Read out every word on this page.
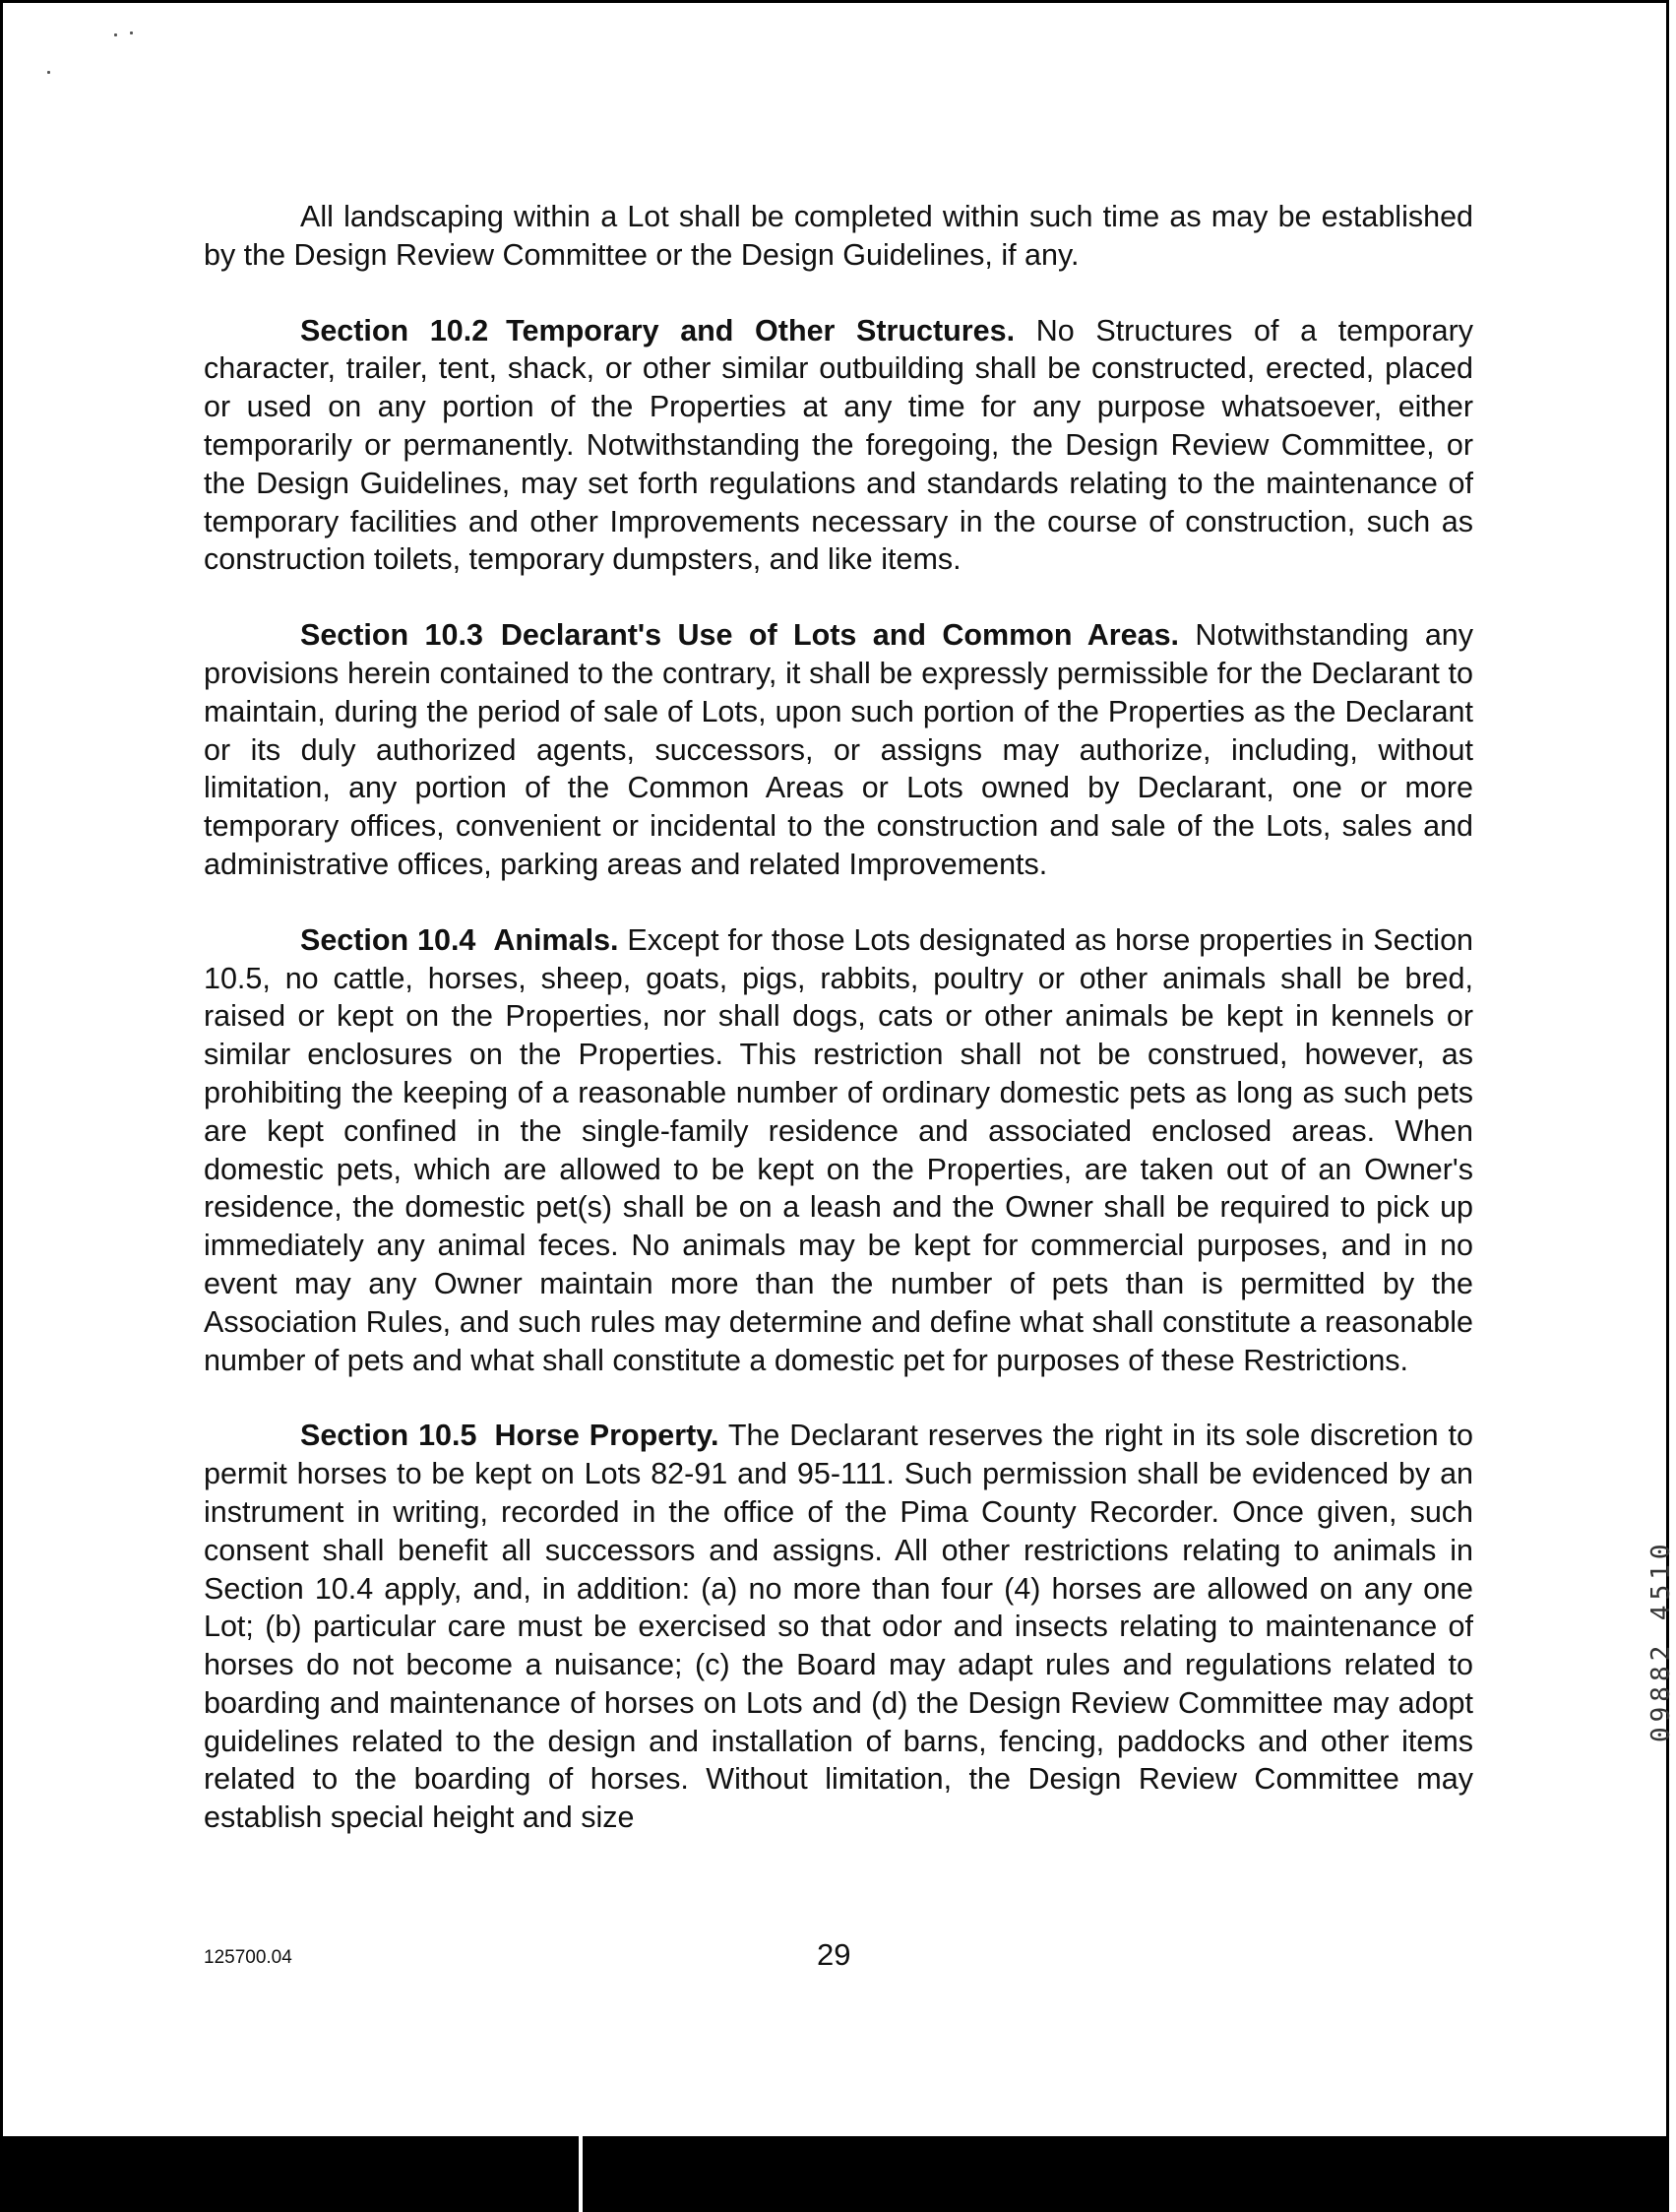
All landscaping within a Lot shall be completed within such time as may be established by the Design Review Committee or the Design Guidelines, if any.

Section 10.2 Temporary and Other Structures. No Structures of a temporary character, trailer, tent, shack, or other similar outbuilding shall be constructed, erected, placed or used on any portion of the Properties at any time for any purpose whatsoever, either temporarily or permanently. Notwithstanding the foregoing, the Design Review Committee, or the Design Guidelines, may set forth regulations and standards relating to the maintenance of temporary facilities and other Improvements necessary in the course of construction, such as construction toilets, temporary dumpsters, and like items.

Section 10.3 Declarant's Use of Lots and Common Areas. Notwithstanding any provisions herein contained to the contrary, it shall be expressly permissible for the Declarant to maintain, during the period of sale of Lots, upon such portion of the Properties as the Declarant or its duly authorized agents, successors, or assigns may authorize, including, without limitation, any portion of the Common Areas or Lots owned by Declarant, one or more temporary offices, convenient or incidental to the construction and sale of the Lots, sales and administrative offices, parking areas and related Improvements.

Section 10.4 Animals. Except for those Lots designated as horse properties in Section 10.5, no cattle, horses, sheep, goats, pigs, rabbits, poultry or other animals shall be bred, raised or kept on the Properties, nor shall dogs, cats or other animals be kept in kennels or similar enclosures on the Properties. This restriction shall not be construed, however, as prohibiting the keeping of a reasonable number of ordinary domestic pets as long as such pets are kept confined in the single-family residence and associated enclosed areas. When domestic pets, which are allowed to be kept on the Properties, are taken out of an Owner's residence, the domestic pet(s) shall be on a leash and the Owner shall be required to pick up immediately any animal feces. No animals may be kept for commercial purposes, and in no event may any Owner maintain more than the number of pets than is permitted by the Association Rules, and such rules may determine and define what shall constitute a reasonable number of pets and what shall constitute a domestic pet for purposes of these Restrictions.

Section 10.5 Horse Property. The Declarant reserves the right in its sole discretion to permit horses to be kept on Lots 82-91 and 95-111. Such permission shall be evidenced by an instrument in writing, recorded in the office of the Pima County Recorder. Once given, such consent shall benefit all successors and assigns. All other restrictions relating to animals in Section 10.4 apply, and, in addition: (a) no more than four (4) horses are allowed on any one Lot; (b) particular care must be exercised so that odor and insects relating to maintenance of horses do not become a nuisance; (c) the Board may adapt rules and regulations related to boarding and maintenance of horses on Lots and (d) the Design Review Committee may adopt guidelines related to the design and installation of barns, fencing, paddocks and other items related to the boarding of horses. Without limitation, the Design Review Committee may establish special height and size

125700.04	29
09882 4510
